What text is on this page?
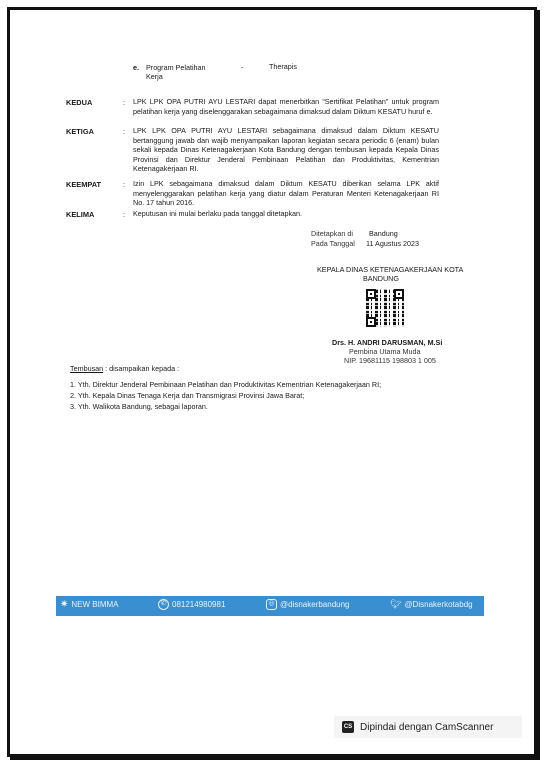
e. Program Pelatihan
Kerja
-	Therapis
KEDUA	: LPK LPK OPA PUTRI AYU LESTARI dapat menerbitkan “Sertifikat Pelatihan” untuk program pelatihan kerja yang diselenggarakan sebagaimana dimaksud dalam Diktum KESATU huruf e.
KETIGA	: LPK LPK OPA PUTRI AYU LESTARI sebagaimana dimaksud dalam Diktum KESATU bertanggung jawab dan wajib menyampaikan laporan kegiatan secara periodic 6 (enam) bulan sekali kepada Dinas Ketenagakerjaan Kota Bandung dengan tembusan kepada Kepala Dinas Provinsi dan Direktur Jenderal Pembinaan Pelatihan dan Produktivitas, Kementrian Ketenagakerjaan RI.
KEEMPAT	: Izin LPK sebagaimana dimaksud dalam Diktum KESATU diberikan selama LPK aktif menyelenggarakan pelatihan kerja yang diatur dalam Peraturan Menteri Ketenagakerjaan RI No. 17 tahun 2016.
KELIMA	: Keputusan ini mulai berlaku pada tanggal ditetapkan.
Ditetapkan di Bandung
Pada Tanggal 11 Agustus 2023
KEPALA DINAS KETENAGAKERJAAN KOTA
BANDUNG
Drs. H. ANDRI DARUSMAN, M.Si
Pembina Utama Muda
NIP. 19681115 198803 1 005
Tembusan : disampaikan kepada :
1. Yth. Direktur Jenderal Pembinaan Pelatihan dan Produktivitas Kementrian Ketenagakerjaan RI;
2. Yth. Kepala Dinas Tenaga Kerja dan Transmigrasi Provinsi Jawa Barat;
3. Yth. Walikota Bandung, sebagai laporan.
✷ NEW BIMMA	✆ 081214980981	◎ @disnakerbandung	🐦︎ @Disnakerkotabdg
CS Dipindai dengan CamScanner
